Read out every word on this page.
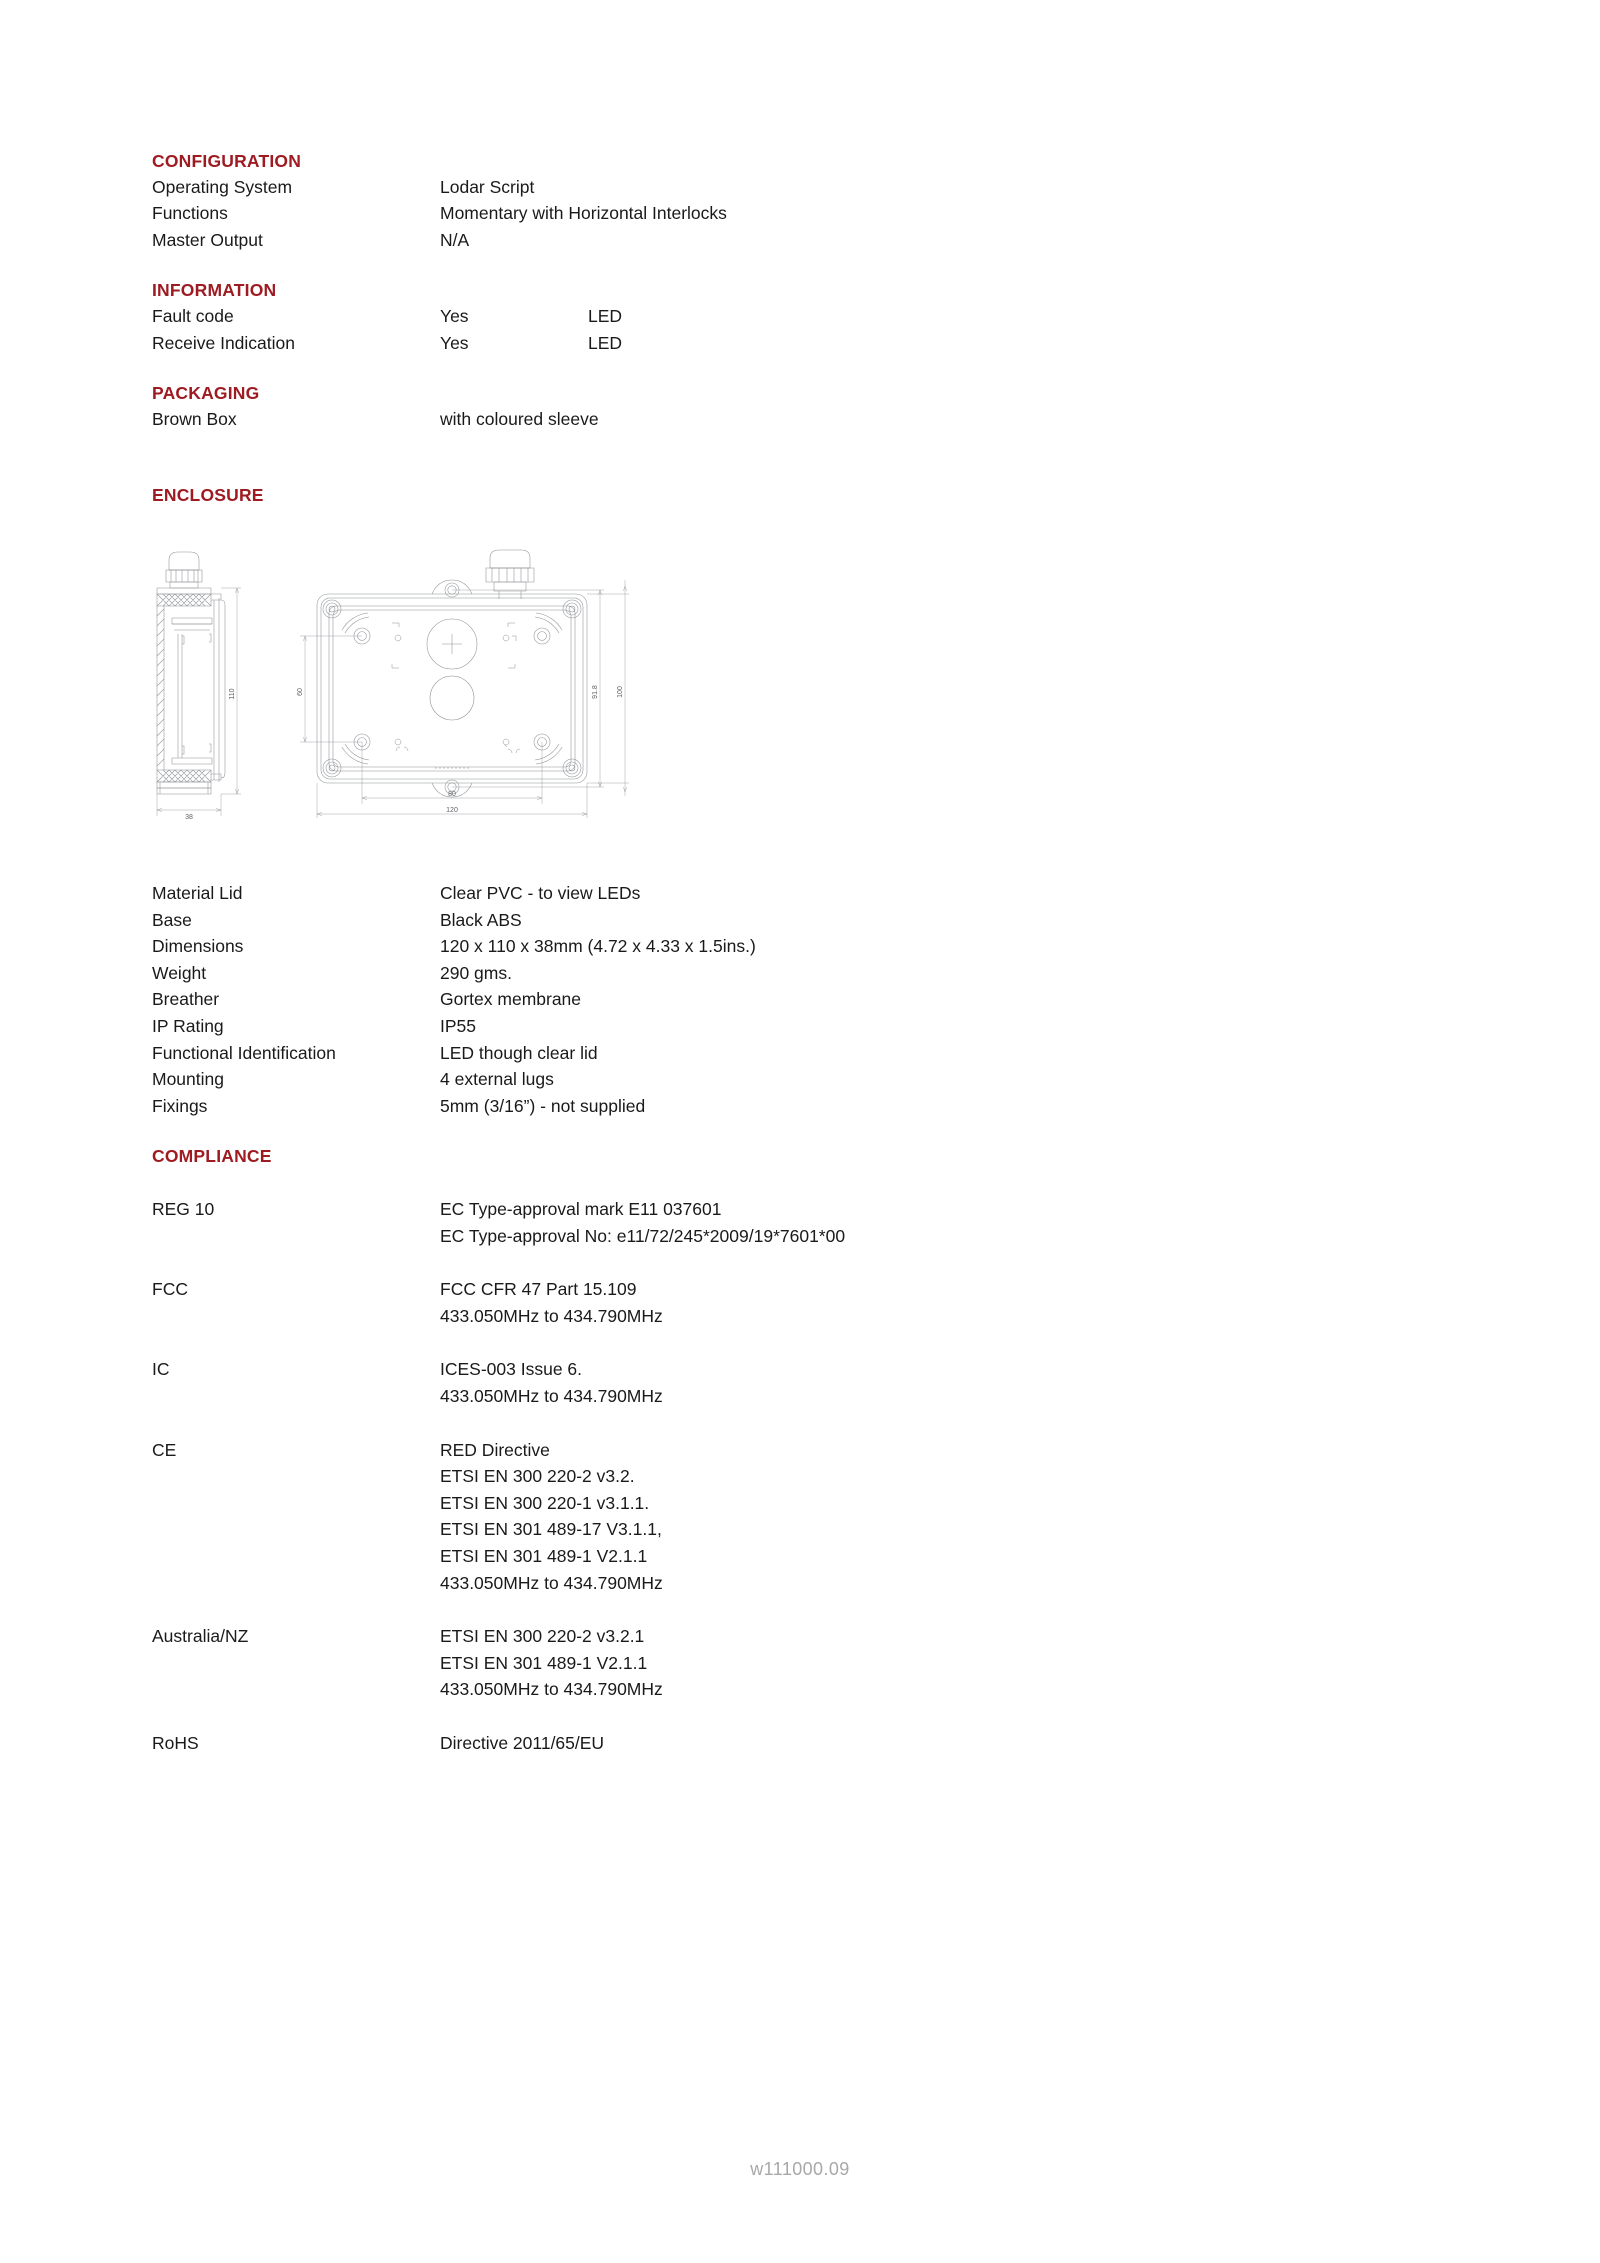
CONFIGURATION
Operating System	Lodar Script
Functions	Momentary with Horizontal Interlocks
Master Output	N/A
INFORMATION
Fault code	Yes	LED
Receive Indication	Yes	LED
PACKAGING
Brown Box	with coloured sleeve
ENCLOSURE
110
38
60	91.8	100
80
120
Material Lid	Clear PVC - to view LEDs
Base	Black ABS
Dimensions	120 x 110 x 38mm (4.72 x 4.33 x 1.5ins.)
Weight	290 gms.
Breather	Gortex membrane
IP Rating	IP55
Functional Identification	LED though clear lid
Mounting	4 external lugs
Fixings	5mm (3/16”) - not supplied
COMPLIANCE
REG 10	EC Type-approval mark E11 037601
EC Type-approval No: e11/72/245*2009/19*7601*00
FCC	FCC CFR 47 Part 15.109
433.050MHz to 434.790MHz
IC	ICES-003 Issue 6.
433.050MHz to 434.790MHz
CE	RED Directive
ETSI EN 300 220-2 v3.2.
ETSI EN 300 220-1 v3.1.1.
ETSI EN 301 489-17 V3.1.1,
ETSI EN 301 489-1 V2.1.1
433.050MHz to 434.790MHz
Australia/NZ	ETSI EN 300 220-2 v3.2.1
ETSI EN 301 489-1 V2.1.1
433.050MHz to 434.790MHz
RoHS	Directive 2011/65/EU
w111000.09
